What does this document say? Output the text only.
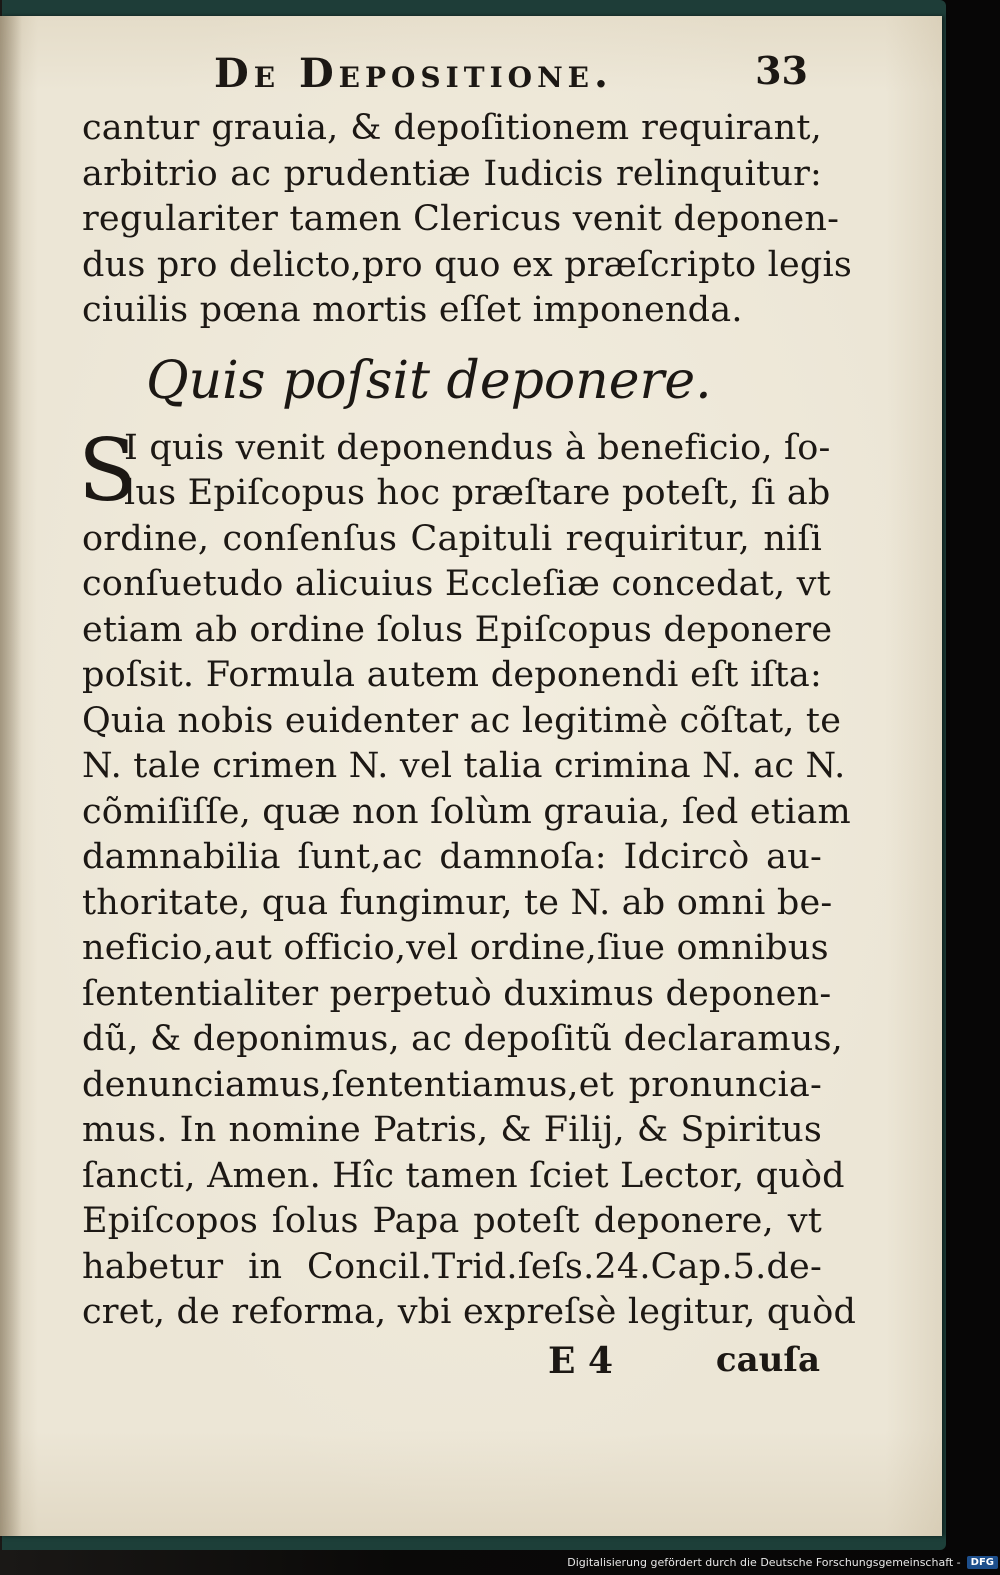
De Depositione.	33
cantur grauia, & depoſitionem requirant,
arbitrio ac prudentiæ Iudicis relinquitur:
regulariter tamen Clericus venit deponen-
dus pro delicto,pro quo ex præſcripto legis
ciuilis pœna mortis eſſet imponenda.
Quis poſsit deponere.
S
I quis venit deponendus à beneficio, ſo-
lus Epiſcopus hoc præſtare poteſt, ſi ab
ordine, conſenſus Capituli requiritur, niſi
conſuetudo alicuius Eccleſiæ concedat, vt
etiam ab ordine ſolus Epiſcopus deponere
poſsit. Formula autem deponendi eſt iſta:
Quia nobis euidenter ac legitimè cõſtat, te
N. tale crimen N. vel talia crimina N. ac N.
cõmiſiſſe, quæ non ſolùm grauia, ſed etiam
damnabilia ſunt,ac damnoſa: Idcircò au-
thoritate, qua fungimur, te N. ab omni be-
neficio,aut officio,vel ordine,ſiue omnibus
ſententialiter perpetuò duximus deponen-
dũ, & deponimus, ac depoſitũ declaramus,
denunciamus,ſententiamus,et pronuncia-
mus. In nomine Patris, & Filij, & Spiritus
ſancti, Amen. Hîc tamen ſciet Lector, quòd
Epiſcopos ſolus Papa poteſt deponere, vt
habetur in Concil.Trid.ſeſs.24.Cap.5.de-
cret, de reforma, vbi expreſsè legitur, quòd
E 4	cauſa
Digitalisierung gefördert durch die Deutsche Forschungsgemeinschaft -	DFG
